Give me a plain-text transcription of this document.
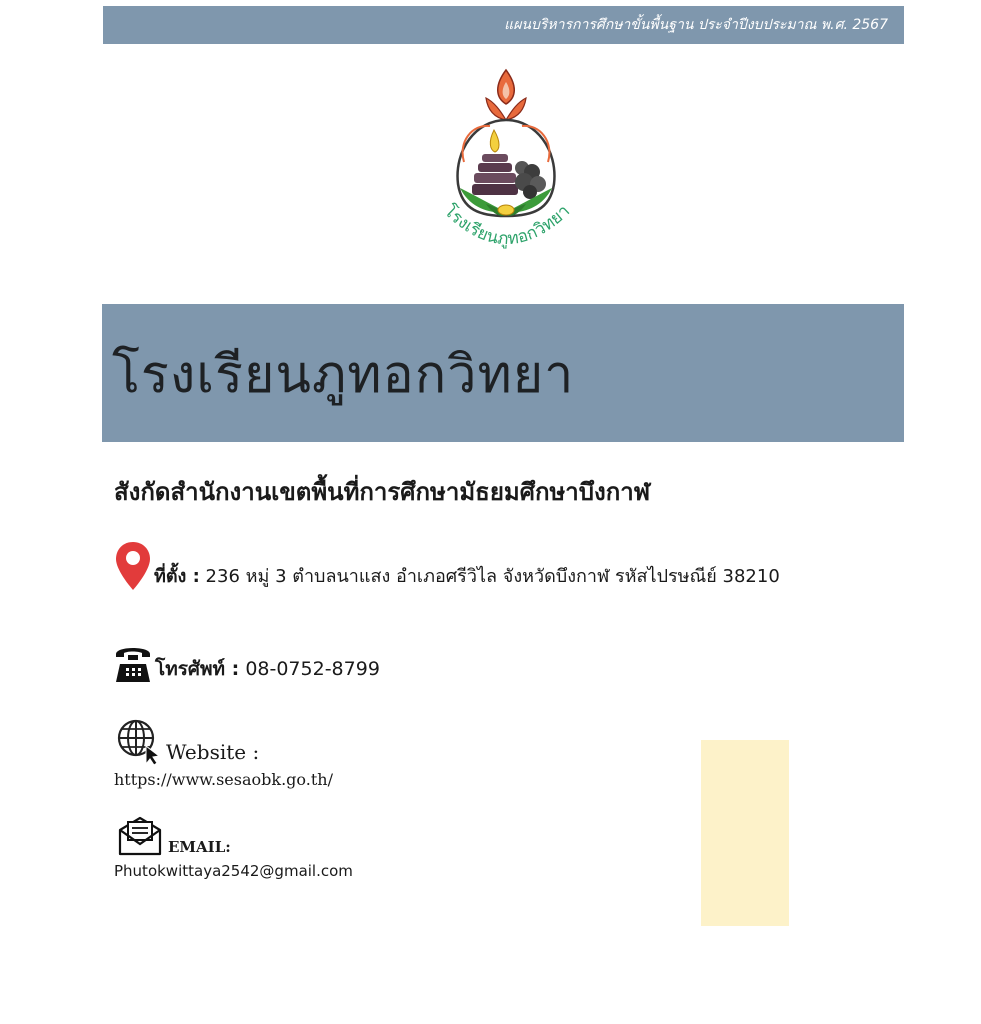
แผนบริหารการศึกษาขั้นพื้นฐาน ประจำปีงบประมาณ พ.ศ. 2567
โรงเรียนภูทอกวิทยา
โรงเรียนภูทอกวิทยา
สังกัดสำนักงานเขตพื้นที่การศึกษามัธยมศึกษาบึงกาฬ
ที่ตั้ง : 236 หมู่ 3 ตำบลนาแสง อำเภอศรีวิไล จังหวัดบึงกาฬ รหัสไปรษณีย์ 38210
โทรศัพท์ : 08-0752-8799
Website :
https://www.sesaobk.go.th/
EMAIL:
Phutokwittaya2542@gmail.com
